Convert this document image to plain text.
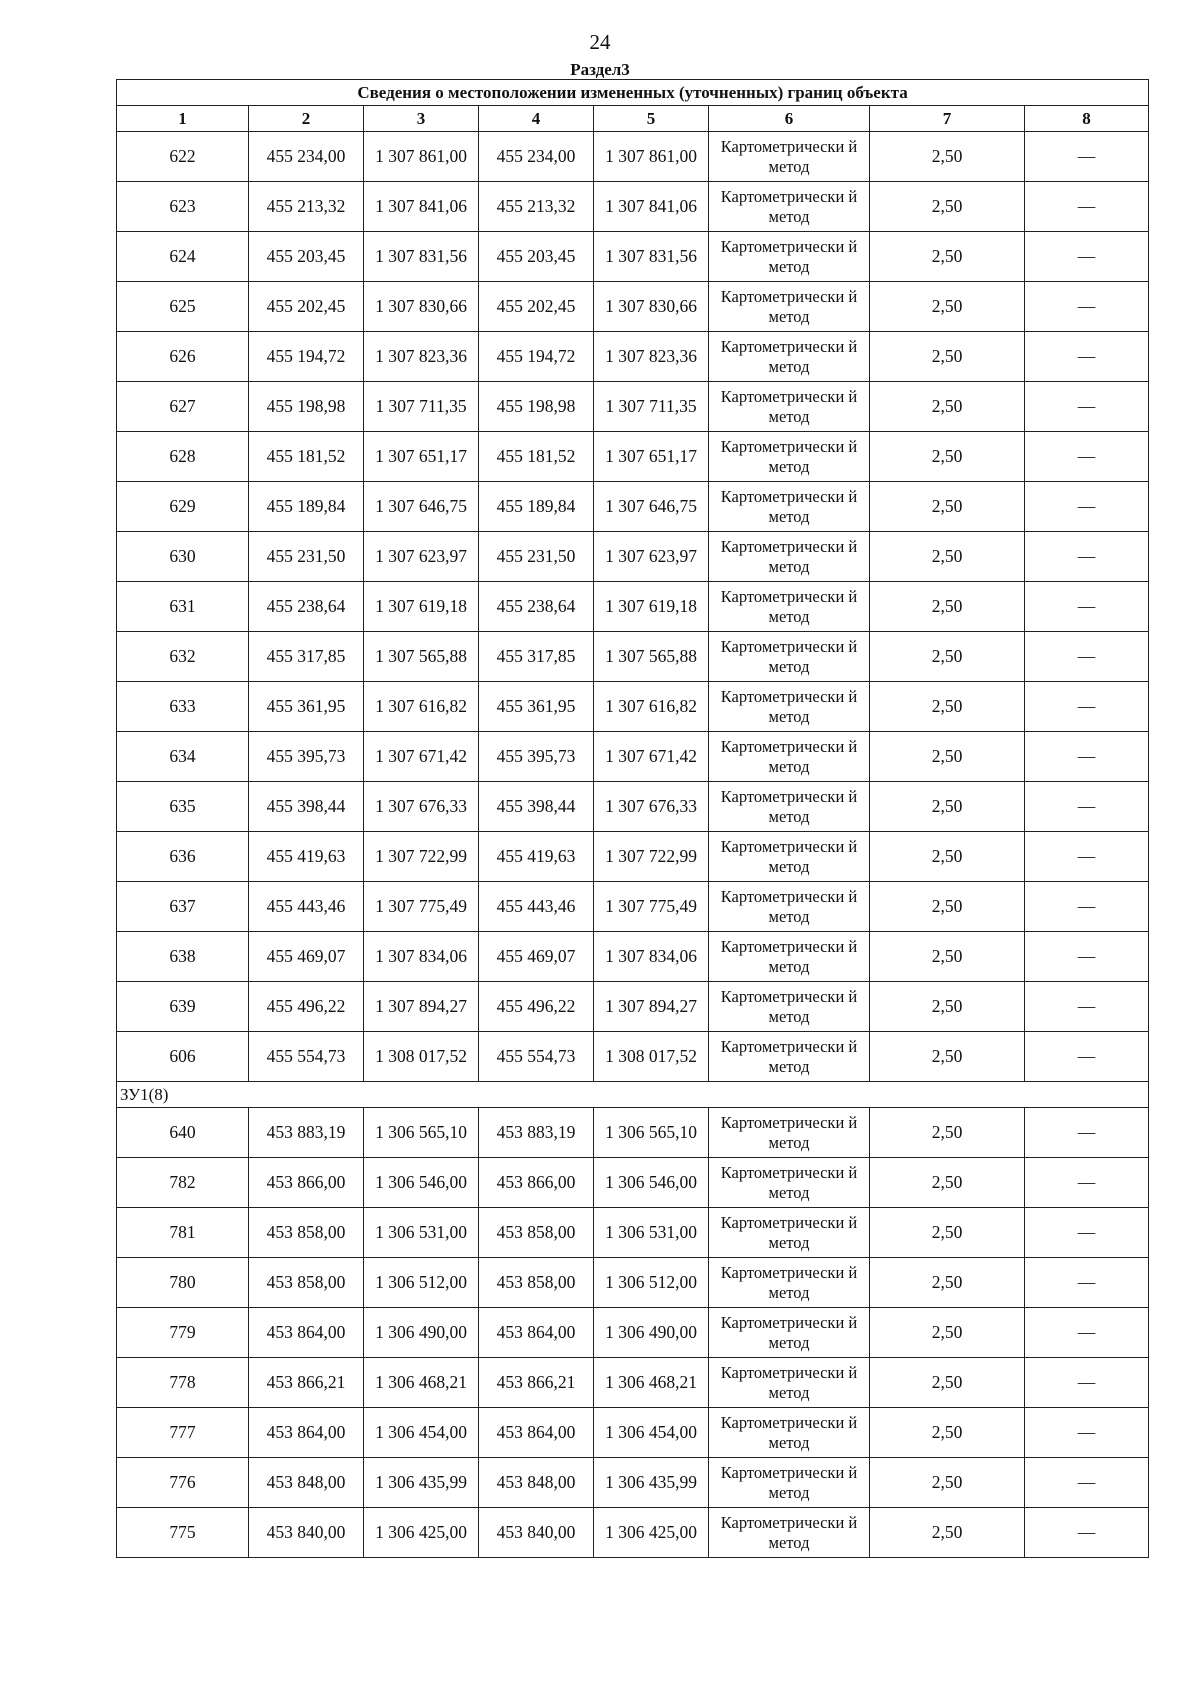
24
Раздел3
Сведения о местоположении измененных (уточненных) границ объекта							
1	2	3	4	5	6	7	8
622	455 234,00	1 307 861,00	455 234,00	1 307 861,00	Картометрически й метод	2,50	—
623	455 213,32	1 307 841,06	455 213,32	1 307 841,06	Картометрически й метод	2,50	—
624	455 203,45	1 307 831,56	455 203,45	1 307 831,56	Картометрически й метод	2,50	—
625	455 202,45	1 307 830,66	455 202,45	1 307 830,66	Картометрически й метод	2,50	—
626	455 194,72	1 307 823,36	455 194,72	1 307 823,36	Картометрически й метод	2,50	—
627	455 198,98	1 307 711,35	455 198,98	1 307 711,35	Картометрически й метод	2,50	—
628	455 181,52	1 307 651,17	455 181,52	1 307 651,17	Картометрически й метод	2,50	—
629	455 189,84	1 307 646,75	455 189,84	1 307 646,75	Картометрически й метод	2,50	—
630	455 231,50	1 307 623,97	455 231,50	1 307 623,97	Картометрически й метод	2,50	—
631	455 238,64	1 307 619,18	455 238,64	1 307 619,18	Картометрически й метод	2,50	—
632	455 317,85	1 307 565,88	455 317,85	1 307 565,88	Картометрически й метод	2,50	—
633	455 361,95	1 307 616,82	455 361,95	1 307 616,82	Картометрически й метод	2,50	—
634	455 395,73	1 307 671,42	455 395,73	1 307 671,42	Картометрически й метод	2,50	—
635	455 398,44	1 307 676,33	455 398,44	1 307 676,33	Картометрически й метод	2,50	—
636	455 419,63	1 307 722,99	455 419,63	1 307 722,99	Картометрически й метод	2,50	—
637	455 443,46	1 307 775,49	455 443,46	1 307 775,49	Картометрически й метод	2,50	—
638	455 469,07	1 307 834,06	455 469,07	1 307 834,06	Картометрически й метод	2,50	—
639	455 496,22	1 307 894,27	455 496,22	1 307 894,27	Картометрически й метод	2,50	—
606	455 554,73	1 308 017,52	455 554,73	1 308 017,52	Картометрически й метод	2,50	—
ЗУ1(8)							
640	453 883,19	1 306 565,10	453 883,19	1 306 565,10	Картометрически й метод	2,50	—
782	453 866,00	1 306 546,00	453 866,00	1 306 546,00	Картометрически й метод	2,50	—
781	453 858,00	1 306 531,00	453 858,00	1 306 531,00	Картометрически й метод	2,50	—
780	453 858,00	1 306 512,00	453 858,00	1 306 512,00	Картометрически й метод	2,50	—
779	453 864,00	1 306 490,00	453 864,00	1 306 490,00	Картометрически й метод	2,50	—
778	453 866,21	1 306 468,21	453 866,21	1 306 468,21	Картометрически й метод	2,50	—
777	453 864,00	1 306 454,00	453 864,00	1 306 454,00	Картометрически й метод	2,50	—
776	453 848,00	1 306 435,99	453 848,00	1 306 435,99	Картометрически й метод	2,50	—
775	453 840,00	1 306 425,00	453 840,00	1 306 425,00	Картометрически й метод	2,50	—
